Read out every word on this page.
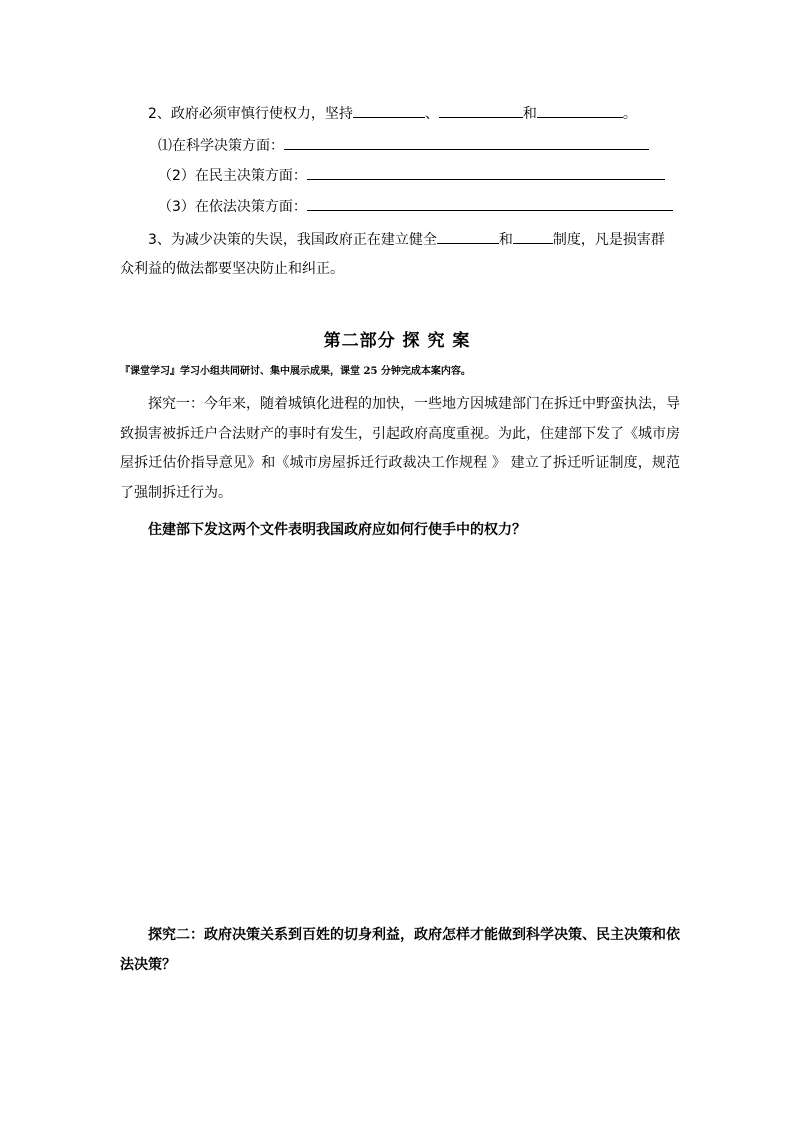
2、政府必须审慎行使权力，坚持	、	和	。
⑴在科学决策方面：
（2）在民主决策方面：
（3）在依法决策方面：
3、为减少决策的失误，我国政府正在建立健全	和	制度，凡是损害群
众利益的做法都要坚决防止和纠正。
第二部分 探 究 案
『课堂学习』学习小组共同研讨、集中展示成果，课堂 25 分钟完成本案内容。
探究一：今年来，随着城镇化进程的加快，一些地方因城建部门在拆迁中野蛮执法，导致损害被拆迁户合法财产的事时有发生，引起政府高度重视。为此，住建部下发了《城市房屋拆迁估价指导意见》和《城市房屋拆迁行政裁决工作规程 》 建立了拆迁听证制度，规范了强制拆迁行为。
住建部下发这两个文件表明我国政府应如何行使手中的权力？
探究二：政府决策关系到百姓的切身利益，政府怎样才能做到科学决策、民主决策和依法决策？
